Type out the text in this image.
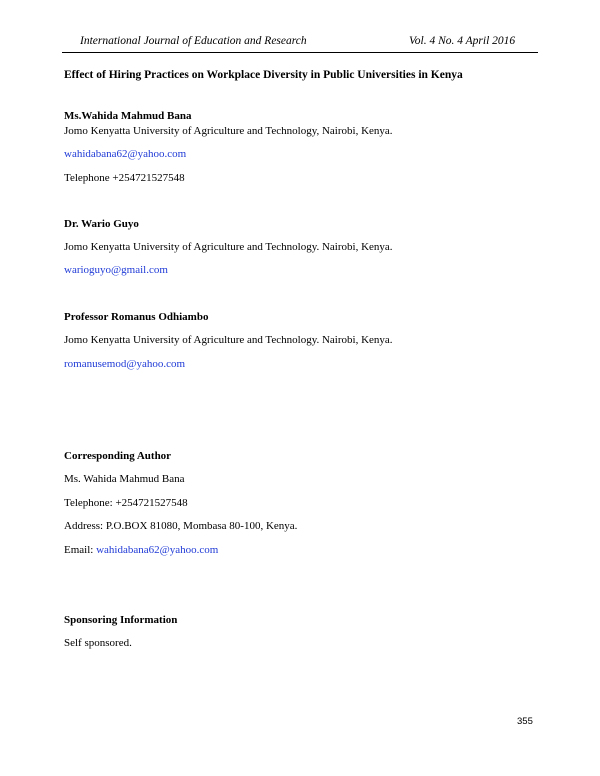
International Journal of Education and Research	Vol. 4 No. 4 April 2016
Effect of Hiring Practices on Workplace Diversity in Public Universities in Kenya
Ms.Wahida Mahmud Bana
Jomo Kenyatta University of Agriculture and Technology, Nairobi, Kenya.
wahidabana62@yahoo.com
Telephone +254721527548
Dr. Wario Guyo
Jomo Kenyatta University of Agriculture and Technology. Nairobi, Kenya.
warioguyo@gmail.com
Professor Romanus Odhiambo
Jomo Kenyatta University of Agriculture and Technology. Nairobi, Kenya.
romanusemod@yahoo.com
Corresponding Author
Ms. Wahida Mahmud Bana
Telephone: +254721527548
Address: P.O.BOX 81080, Mombasa 80-100, Kenya.
Email: wahidabana62@yahoo.com
Sponsoring Information
Self sponsored.
355
